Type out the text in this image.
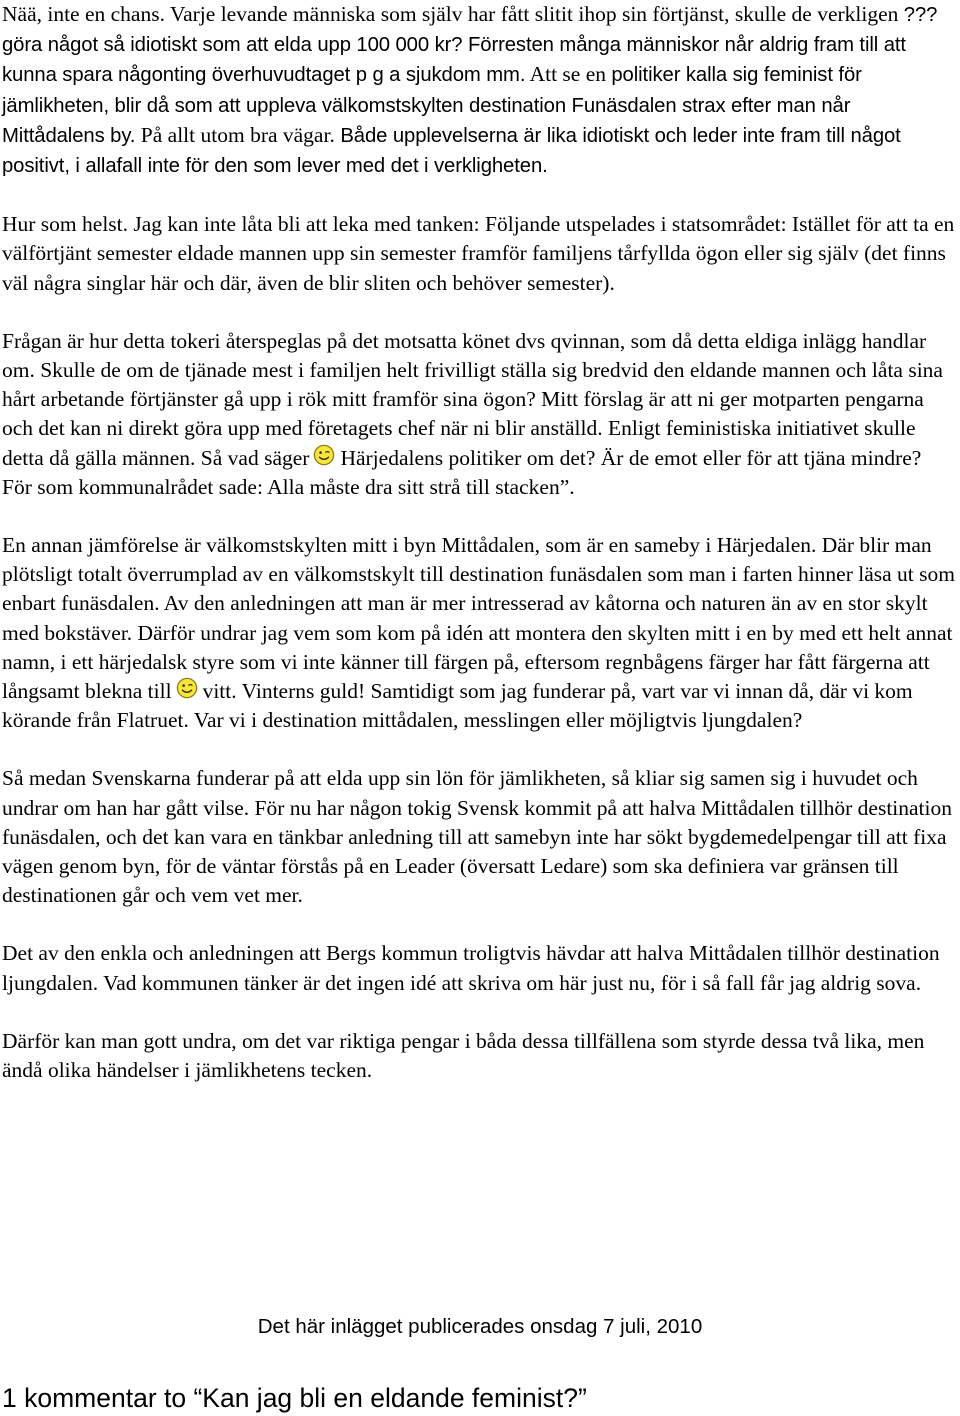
Nää, inte en chans. Varje levande människa som själv har fått slitit ihop sin förtjänst, skulle de verkligen ??? göra något så idiotiskt som att elda upp 100 000 kr? Förresten många människor når aldrig fram till att kunna spara någonting överhuvudtaget p g a sjukdom mm. Att se en politiker kalla sig feminist för jämlikheten, blir då som att uppleva välkomstskylten destination Funäsdalen strax efter man når Mittådalens by. På allt utom bra vägar. Både upplevelserna är lika idiotiskt och leder inte fram till något positivt, i allafall inte för den som lever med det i verkligheten.

Hur som helst. Jag kan inte låta bli att leka med tanken: Följande utspelades i statsområdet: Istället för att ta en välförtjänt semester eldade mannen upp sin semester framför familjens tårfyllda ögon eller sig själv (det finns väl några singlar här och där, även de blir sliten och behöver semester).

Frågan är hur detta tokeri återspeglas på det motsatta könet dvs qvinnan, som då detta eldiga inlägg handlar om. Skulle de om de tjänade mest i familjen helt frivilligt ställa sig bredvid den eldande mannen och låta sina hårt arbetande förtjänster gå upp i rök mitt framför sina ögon? Mitt förslag är att ni ger motparten pengarna och det kan ni direkt göra upp med företagets chef när ni blir anställd. Enligt feministiska initiativet skulle detta då gälla männen. Så vad säger Härjedalens politiker om det? Är de emot eller för att tjäna mindre? För som kommunalrådet sade: Alla måste dra sitt strå till stacken”.

En annan jämförelse är välkomstskylten mitt i byn Mittådalen, som är en sameby i Härjedalen. Där blir man plötsligt totalt överrumplad av en välkomstskylt till destination funäsdalen som man i farten hinner läsa ut som enbart funäsdalen. Av den anledningen att man är mer intresserad av kåtorna och naturen än av en stor skylt med bokstäver. Därför undrar jag vem som kom på idén att montera den skylten mitt i en by med ett helt annat namn, i ett härjedalsk styre som vi inte känner till färgen på, eftersom regnbågens färger har fått färgerna att långsamt blekna till vitt. Vinterns guld! Samtidigt som jag funderar på, vart var vi innan då, där vi kom körande från Flatruet. Var vi i destination mittådalen, messlingen eller möjligtvis ljungdalen?

Så medan Svenskarna funderar på att elda upp sin lön för jämlikheten, så kliar sig samen sig i huvudet och undrar om han har gått vilse. För nu har någon tokig Svensk kommit på att halva Mittådalen tillhör destination funäsdalen, och det kan vara en tänkbar anledning till att samebyn inte har sökt bygdemedelpengar till att fixa vägen genom byn, för de väntar förstås på en Leader (översatt Ledare) som ska definiera var gränsen till destinationen går och vem vet mer.

Det av den enkla och anledningen att Bergs kommun troligtvis hävdar att halva Mittådalen tillhör destination ljungdalen. Vad kommunen tänker är det ingen idé att skriva om här just nu, för i så fall får jag aldrig sova.

Därför kan man gott undra, om det var riktiga pengar i båda dessa tillfällena som styrde dessa två lika, men ändå olika händelser i jämlikhetens tecken.

Det här inlägget publicerades onsdag 7 juli, 2010
1 kommentar to “Kan jag bli en eldande feminist?”
